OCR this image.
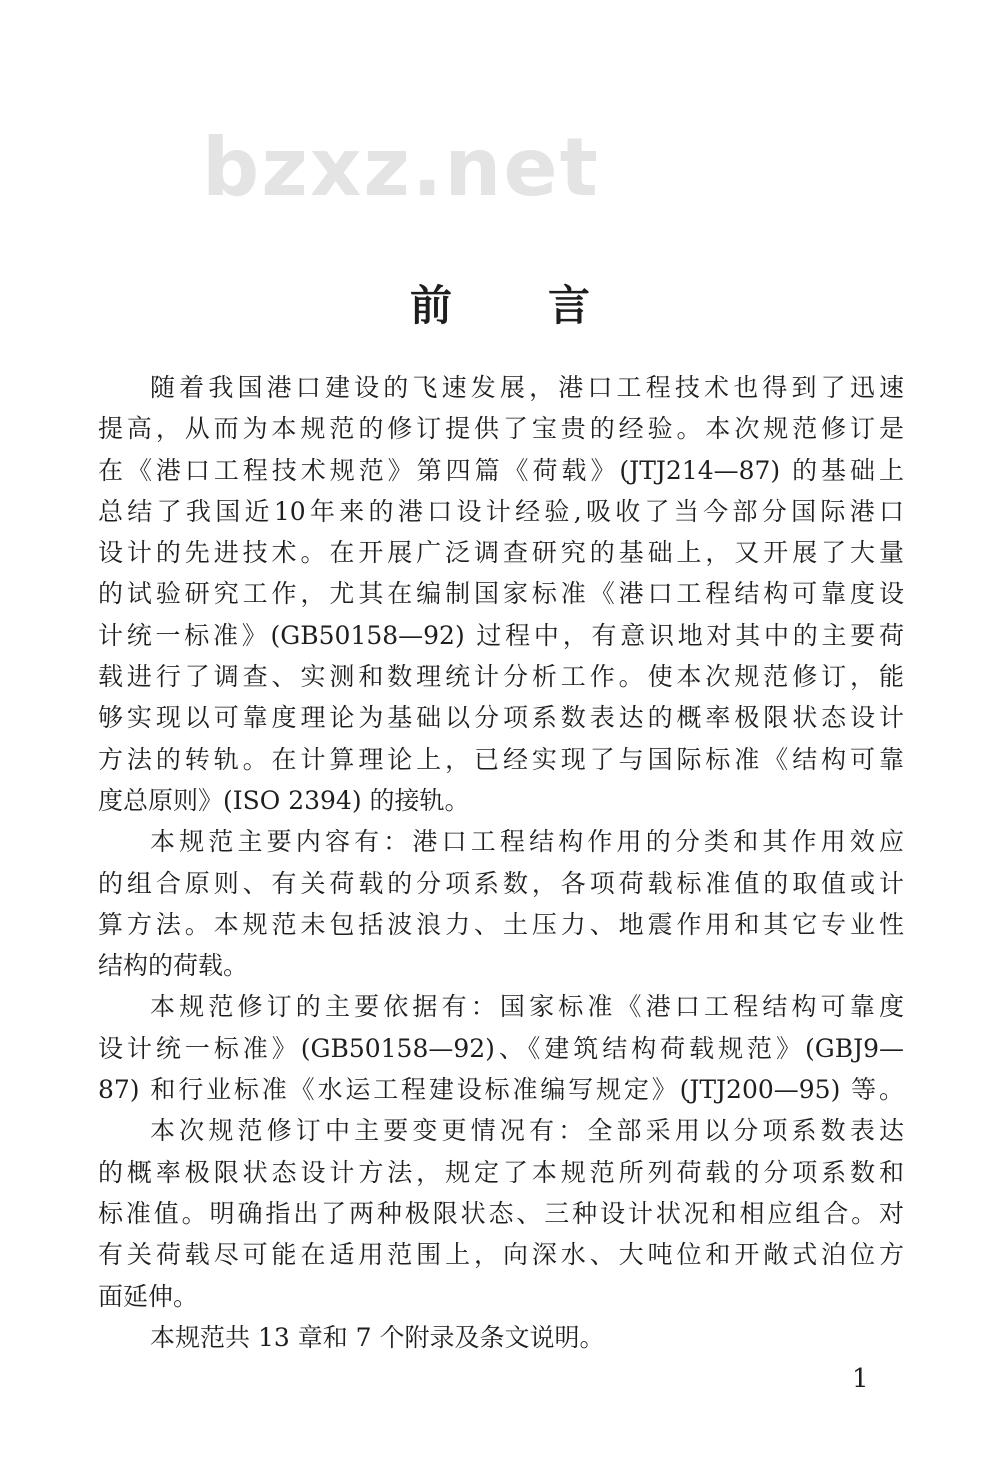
bzxz.net
前 言

随着我国港口建设的飞速发展，港口工程技术也得到了迅速
提高，从而为本规范的修订提供了宝贵的经验。本次规范修订是
在《港口工程技术规范》第四篇《荷载》(JTJ214—87) 的基础上
总结了我国近10年来的港口设计经验,吸收了当今部分国际港口
设计的先进技术。在开展广泛调查研究的基础上，又开展了大量
的试验研究工作，尤其在编制国家标准《港口工程结构可靠度设
计统一标准》(GB50158—92) 过程中，有意识地对其中的主要荷
载进行了调查、实测和数理统计分析工作。使本次规范修订，能
够实现以可靠度理论为基础以分项系数表达的概率极限状态设计
方法的转轨。在计算理论上，已经实现了与国际标准《结构可靠
度总原则》(ISO 2394) 的接轨。

本规范主要内容有：港口工程结构作用的分类和其作用效应
的组合原则、有关荷载的分项系数，各项荷载标准值的取值或计
算方法。本规范未包括波浪力、土压力、地震作用和其它专业性
结构的荷载。

本规范修订的主要依据有：国家标准《港口工程结构可靠度
设计统一标准》(GB50158—92)、《建筑结构荷载规范》(GBJ9—
87) 和行业标准《水运工程建设标准编写规定》(JTJ200—95) 等。

本次规范修订中主要变更情况有：全部采用以分项系数表达
的概率极限状态设计方法，规定了本规范所列荷载的分项系数和
标准值。明确指出了两种极限状态、三种设计状况和相应组合。对
有关荷载尽可能在适用范围上，向深水、大吨位和开敞式泊位方
面延伸。

本规范共 13 章和 7 个附录及条文说明。

1
